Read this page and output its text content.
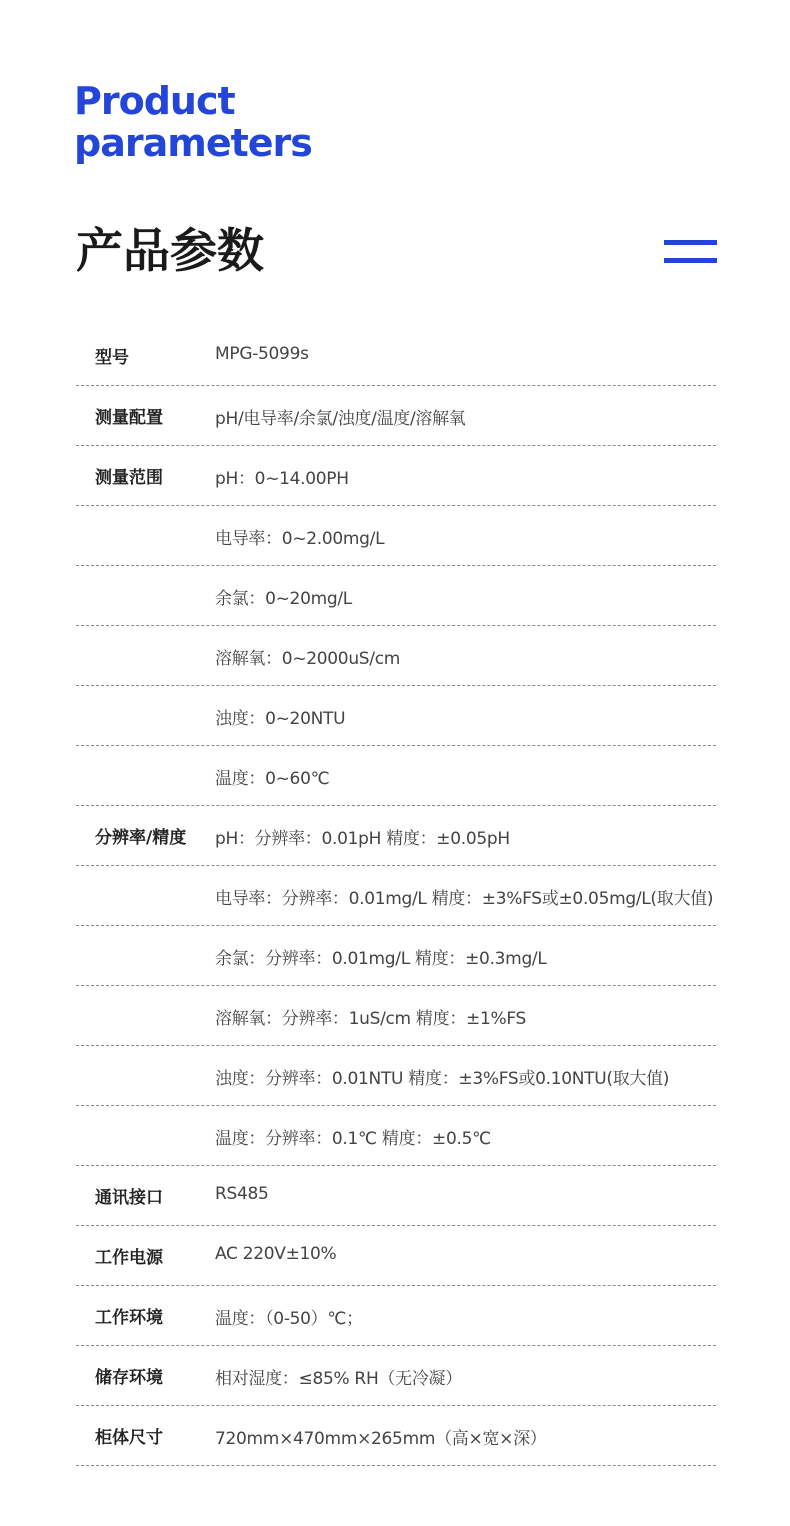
Product
parameters
产品参数
型号	MPG-5099s
测量配置	pH/电导率/余氯/浊度/温度/溶解氧
测量范围	pH：0~14.00PH
电导率：0~2.00mg/L
余氯：0~20mg/L
溶解氧：0~2000uS/cm
浊度：0~20NTU
温度：0~60℃
分辨率/精度 pH：分辨率：0.01pH 精度：±0.05pH
电导率：分辨率：0.01mg/L 精度：±3%FS或±0.05mg/L(取大值)
余氯：分辨率：0.01mg/L 精度：±0.3mg/L
溶解氧：分辨率：1uS/cm 精度：±1%FS
浊度：分辨率：0.01NTU 精度：±3%FS或0.10NTU(取大值)
温度：分辨率：0.1℃ 精度：±0.5℃
通讯接口	RS485
工作电源	AC 220V±10%
工作环境	温度：（0-50）℃；
储存环境	相对湿度：≤85% RH（无冷凝）
柜体尺寸	720mm×470mm×265mm（高×宽×深）
